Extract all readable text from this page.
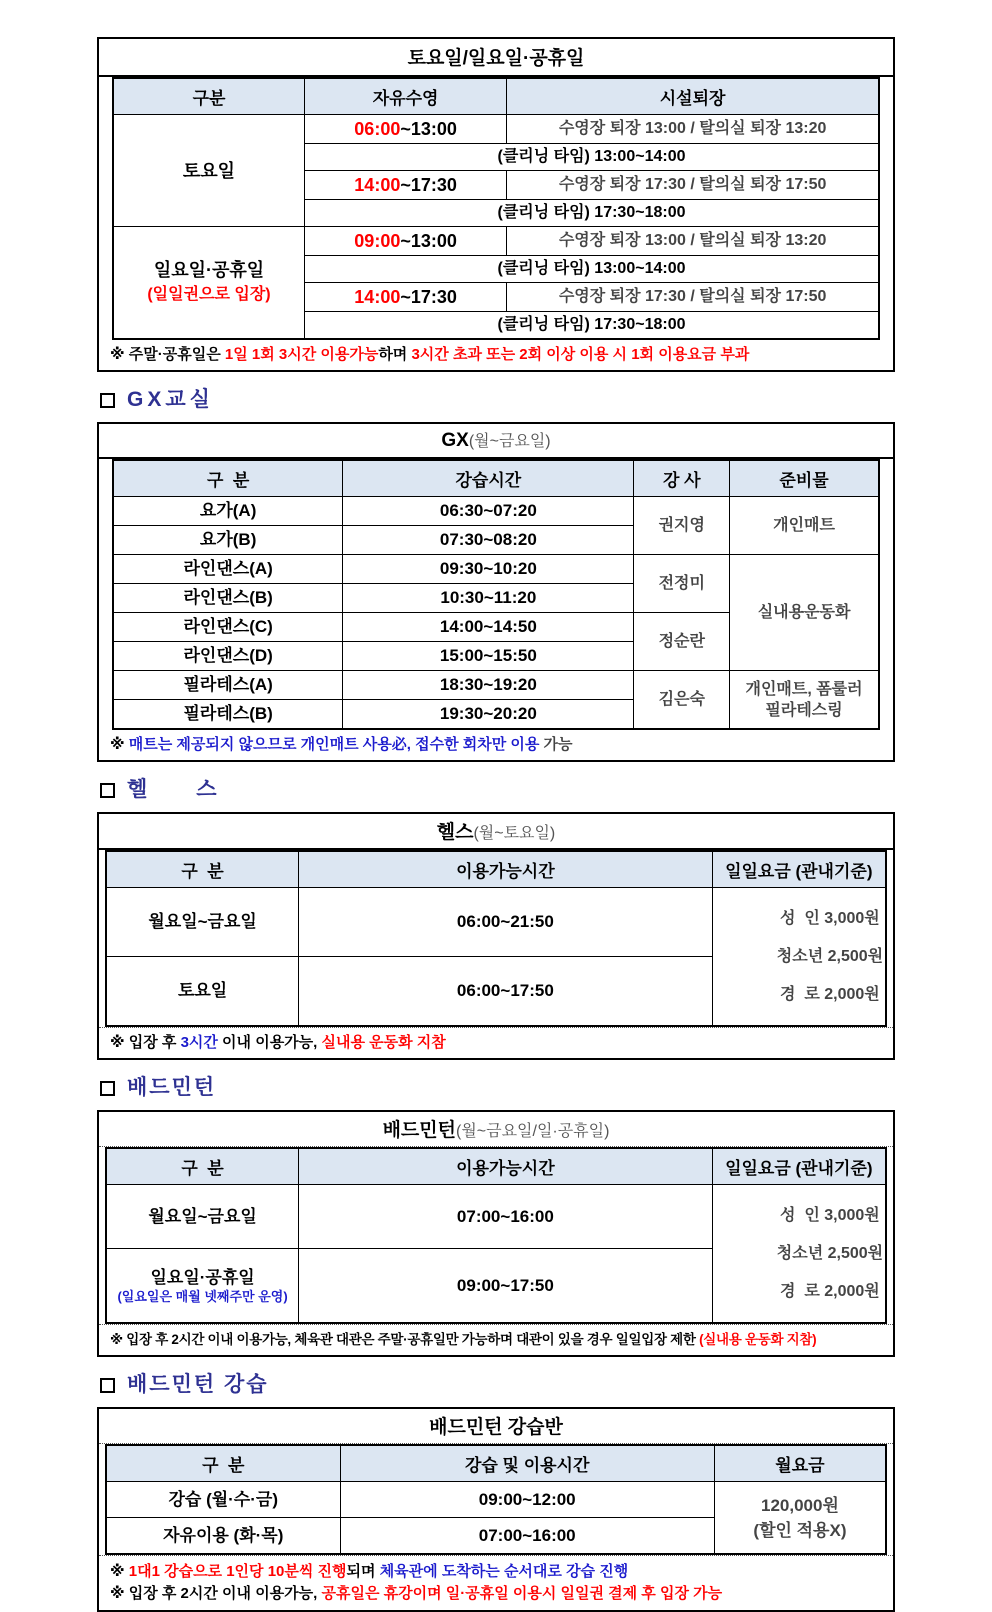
토요일/일요일·공휴일
구분	자유수영	시설퇴장
토요일	06:00~13:00	수영장 퇴장 13:00 / 탈의실 퇴장 13:20
	(클리닝 타임) 13:00~14:00	
	14:00~17:30	수영장 퇴장 17:30 / 탈의실 퇴장 17:50
	(클리닝 타임) 17:30~18:00	
일요일·공휴일
(일일권으로 입장)	09:00~13:00	수영장 퇴장 13:00 / 탈의실 퇴장 13:20
	(클리닝 타임) 13:00~14:00	
	14:00~17:30	수영장 퇴장 17:30 / 탈의실 퇴장 17:50
	(클리닝 타임) 17:30~18:00	
※ 주말·공휴일은 1일 1회 3시간 이용가능하며 3시간 초과 또는 2회 이상 이용 시 1회 이용요금 부과
GX교실
GX(월~금요일)
구  분	강습시간	강 사	준비물
요가(A)	06:30~07:20	권지영	개인매트
요가(B)	07:30~08:20		
라인댄스(A)	09:30~10:20	전정미	실내용운동화
라인댄스(B)	10:30~11:20		
라인댄스(C)	14:00~14:50	정순란	
라인댄스(D)	15:00~15:50		
필라테스(A)	18:30~19:20	김은숙	개인매트, 폼룰러
필라테스링
필라테스(B)	19:30~20:20		
※ 매트는 제공되지 않으므로 개인매트 사용必, 접수한 회차만 이용 가능
헬      스
헬스(월~토요일)
구  분	이용가능시간	일일요금 (관내기준)
월요일~금요일	06:00~21:50	성  인 3,000원

청소년 2,500원

경  로 2,000원

토요일	06:00~17:50	
※ 입장 후 3시간 이내 이용가능, 실내용 운동화 지참
배드민턴
배드민턴(월~금요일/일·공휴일)
구  분	이용가능시간	일일요금 (관내기준)
월요일~금요일	07:00~16:00	성  인 3,000원

청소년 2,500원

경  로 2,000원

일요일·공휴일
(일요일은 매월 넷째주만 운영)	09:00~17:50	
※ 입장 후 2시간 이내 이용가능, 체육관 대관은 주말·공휴일만 가능하며 대관이 있을 경우 일일입장 제한 (실내용 운동화 지참)
배드민턴 강습
배드민턴 강습반
구  분	강습 및 이용시간	월요금
강습 (월·수·금)	09:00~12:00	120,000원
(할인 적용X)
자유이용 (화·목)	07:00~16:00	
※ 1대1 강습으로 1인당 10분씩 진행되며 체육관에 도착하는 순서대로 강습 진행
※ 입장 후 2시간 이내 이용가능, 공휴일은 휴강이며 일·공휴일 이용시 일일권 결제 후 입장 가능
